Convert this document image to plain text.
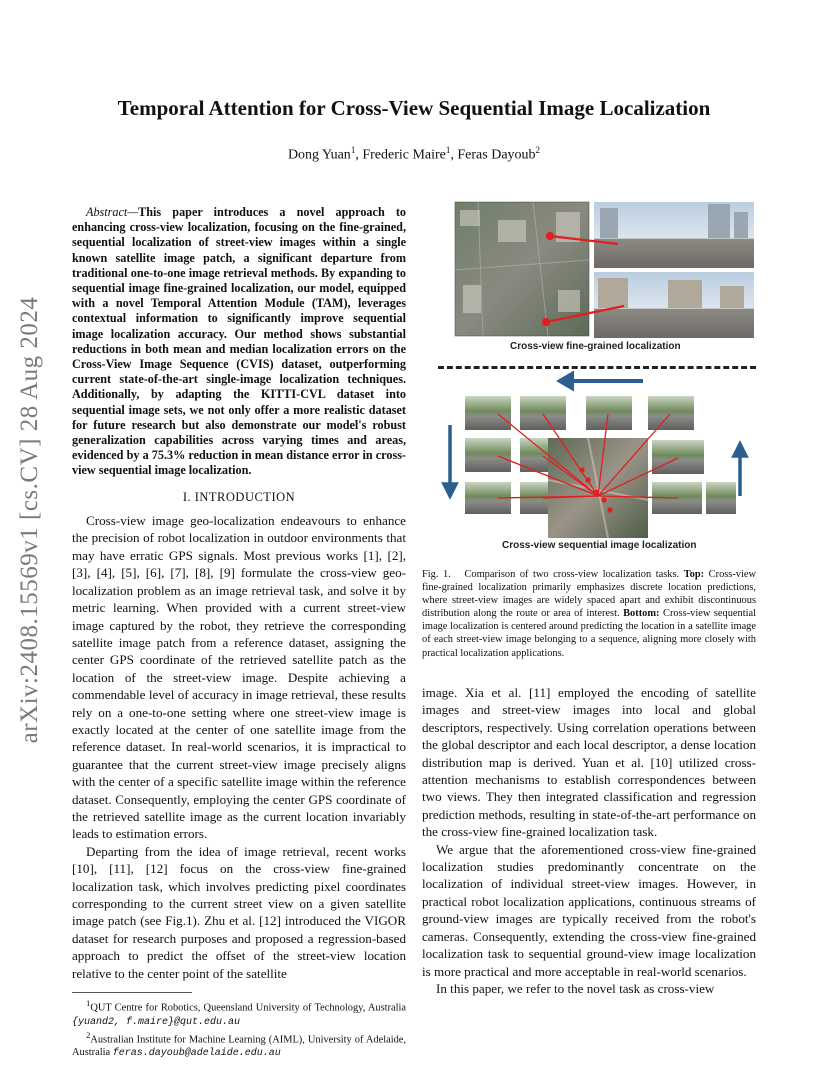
arXiv:2408.15569v1 [cs.CV] 28 Aug 2024
Temporal Attention for Cross-View Sequential Image Localization
Dong Yuan$^1$, Frederic Maire$^1$, Feras Dayoub$^2$

Abstract—This paper introduces a novel approach to enhancing cross-view localization, focusing on the fine-grained, sequential localization of street-view images within a single known satellite image patch, a significant departure from traditional one-to-one image retrieval methods. By expanding to sequential image fine-grained localization, our model, equipped with a novel Temporal Attention Module (TAM), leverages contextual information to significantly improve sequential image localization accuracy. Our method shows substantial reductions in both mean and median localization errors on the Cross-View Image Sequence (CVIS) dataset, outperforming current state-of-the-art single-image localization techniques. Additionally, by adapting the KITTI-CVL dataset into sequential image sets, we not only offer a more realistic dataset for future research but also demonstrate our model's robust generalization capabilities across varying times and areas, evidenced by a 75.3% reduction in mean distance error in cross-view sequential image localization.

I. INTRODUCTION

Cross-view image geo-localization endeavours to enhance the precision of robot localization in outdoor environments that may have erratic GPS signals. Most previous works [1], [2], [3], [4], [5], [6], [7], [8], [9] formulate the cross-view geo-localization problem as an image retrieval task, and solve it by metric learning. When provided with a current street-view image captured by the robot, they retrieve the corresponding satellite image patch from a reference dataset, assigning the center GPS coordinate of the retrieved satellite patch as the location of the street-view image. Despite achieving a commendable level of accuracy in image retrieval, these results rely on a one-to-one setting where one street-view image is exactly located at the center of one satellite image from the reference dataset. In real-world scenarios, it is impractical to guarantee that the current street-view image precisely aligns with the center of a specific satellite image within the reference dataset. Consequently, employing the center GPS coordinate of the retrieved satellite image as the current location invariably leads to estimation errors.

Departing from the idea of image retrieval, recent works [10], [11], [12] focus on the cross-view fine-grained localization task, which involves predicting pixel coordinates corresponding to the current street view on a given satellite image patch (see Fig.1). Zhu et al. [12] introduced the VIGOR dataset for research purposes and proposed a regression-based approach to predict the offset of the street-view location relative to the center point of the satellite

$^1$QUT Centre for Robotics, Queensland University of Technology, Australia {yuand2, f.maire}@qut.edu.au

$^2$Australian Institute for Machine Learning (AIML), University of Adelaide, Australia feras.dayoub@adelaide.edu.au

Cross-view fine-grained localization
Cross-view sequential image localization
Fig. 1. Comparison of two cross-view localization tasks. Top: Cross-view fine-grained localization primarily emphasizes discrete location predictions, where street-view images are widely spaced apart and exhibit discontinuous distribution along the route or area of interest. Bottom: Cross-view sequential image localization is centered around predicting the location in a satellite image of each street-view image belonging to a sequence, aligning more closely with practical localization applications.

image. Xia et al. [11] employed the encoding of satellite images and street-view images into local and global descriptors, respectively. Using correlation operations between the global descriptor and each local descriptor, a dense location distribution map is derived. Yuan et al. [10] utilized cross-attention mechanisms to establish correspondences between two views. They then integrated classification and regression prediction methods, resulting in state-of-the-art performance on the cross-view fine-grained localization task.

We argue that the aforementioned cross-view fine-grained localization studies predominantly concentrate on the localization of individual street-view images. However, in practical robot localization applications, continuous streams of ground-view images are typically received from the robot's cameras. Consequently, extending the cross-view fine-grained localization task to sequential ground-view image localization is more practical and more acceptable in real-world scenarios.

In this paper, we refer to the novel task as cross-view
